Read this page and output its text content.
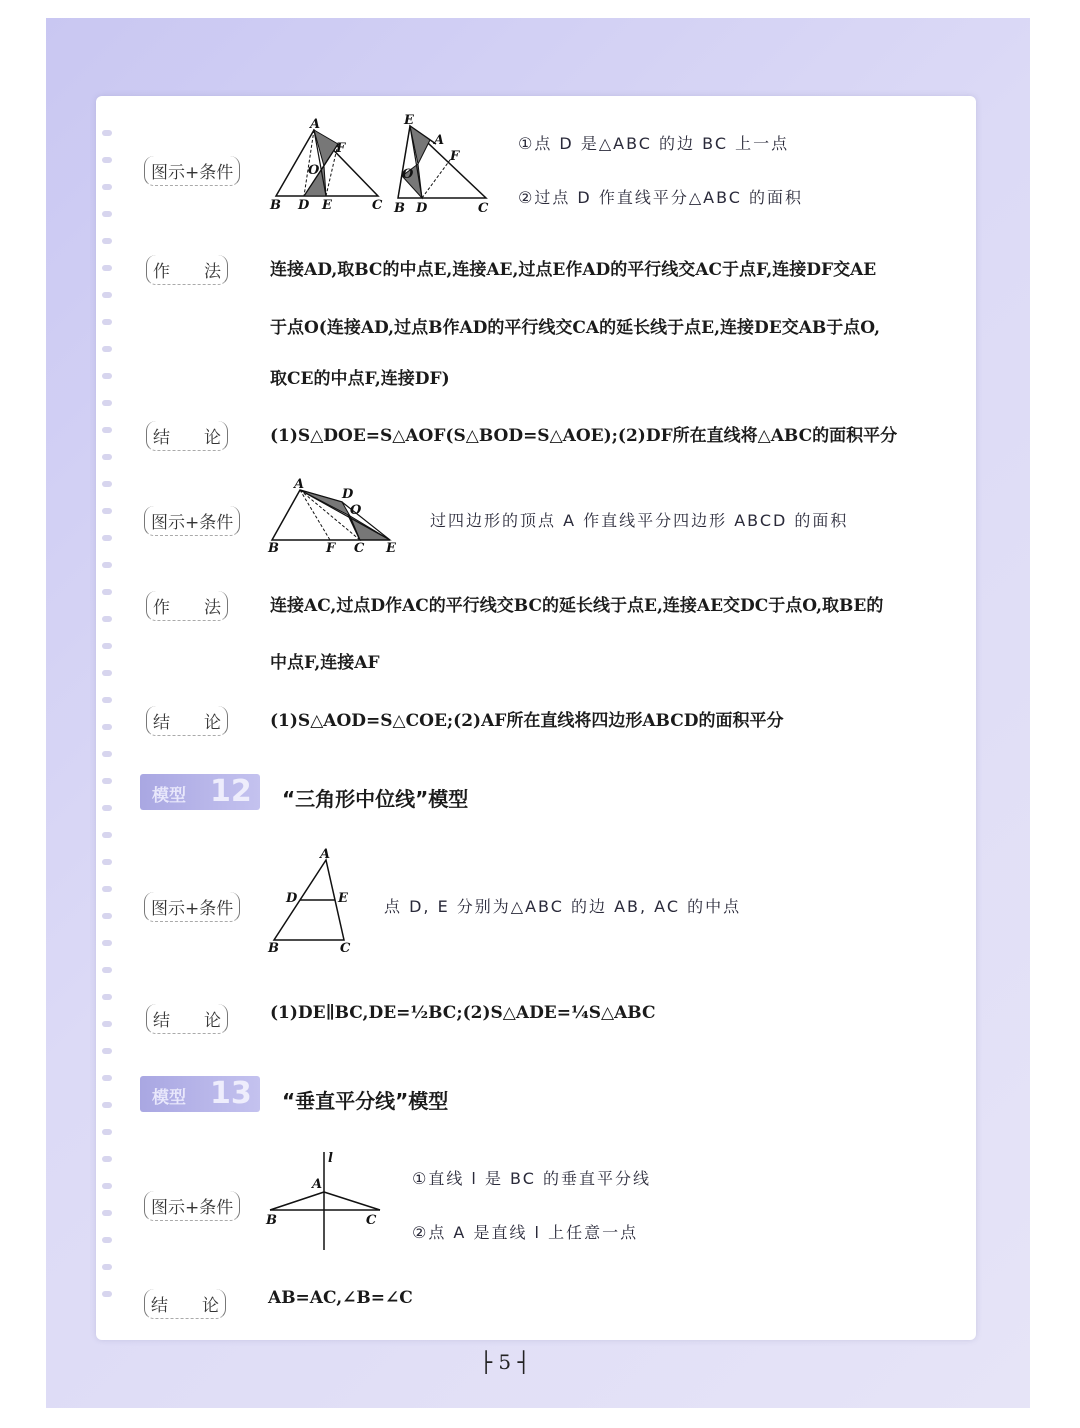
图示+条件
A
F
O
B D E	C
E
A
F
O
B D	C
①点 D 是△ABC 的边 BC 上一点
②过点 D 作直线平分△ABC 的面积
作 法	连接AD,取BC的中点E,连接AE,过点E作AD的平行线交AC于点F,连接DF交AE
于点O(连接AD,过点B作AD的平行线交CA的延长线于点E,连接DE交AB于点O,
取CE的中点F,连接DF)
结 论	(1)S△DOE=S△AOF(S△BOD=S△AOE);(2)DF所在直线将△ABC的面积平分
图示+条件
A
D
O
B	F C E
过四边形的顶点 A 作直线平分四边形 ABCD 的面积
作 法	连接AC,过点D作AC的平行线交BC的延长线于点E,连接AE交DC于点O,取BE的
中点F,连接AF
结 论	(1)S△AOD=S△COE;(2)AF所在直线将四边形ABCD的面积平分
模型 12 “三角形中位线”模型
图示+条件
A
D	E
B	C
点 D, E 分别为△ABC 的边 AB, AC 的中点
结 论	(1)DE∥BC,DE=½BC;(2)S△ADE=¼S△ABC
模型 13 “垂直平分线”模型
图示+条件
l
A
B	C
①直线 l 是 BC 的垂直平分线
②点 A 是直线 l 上任意一点
结 论	AB=AC,∠B=∠C
├ 5 ┤
